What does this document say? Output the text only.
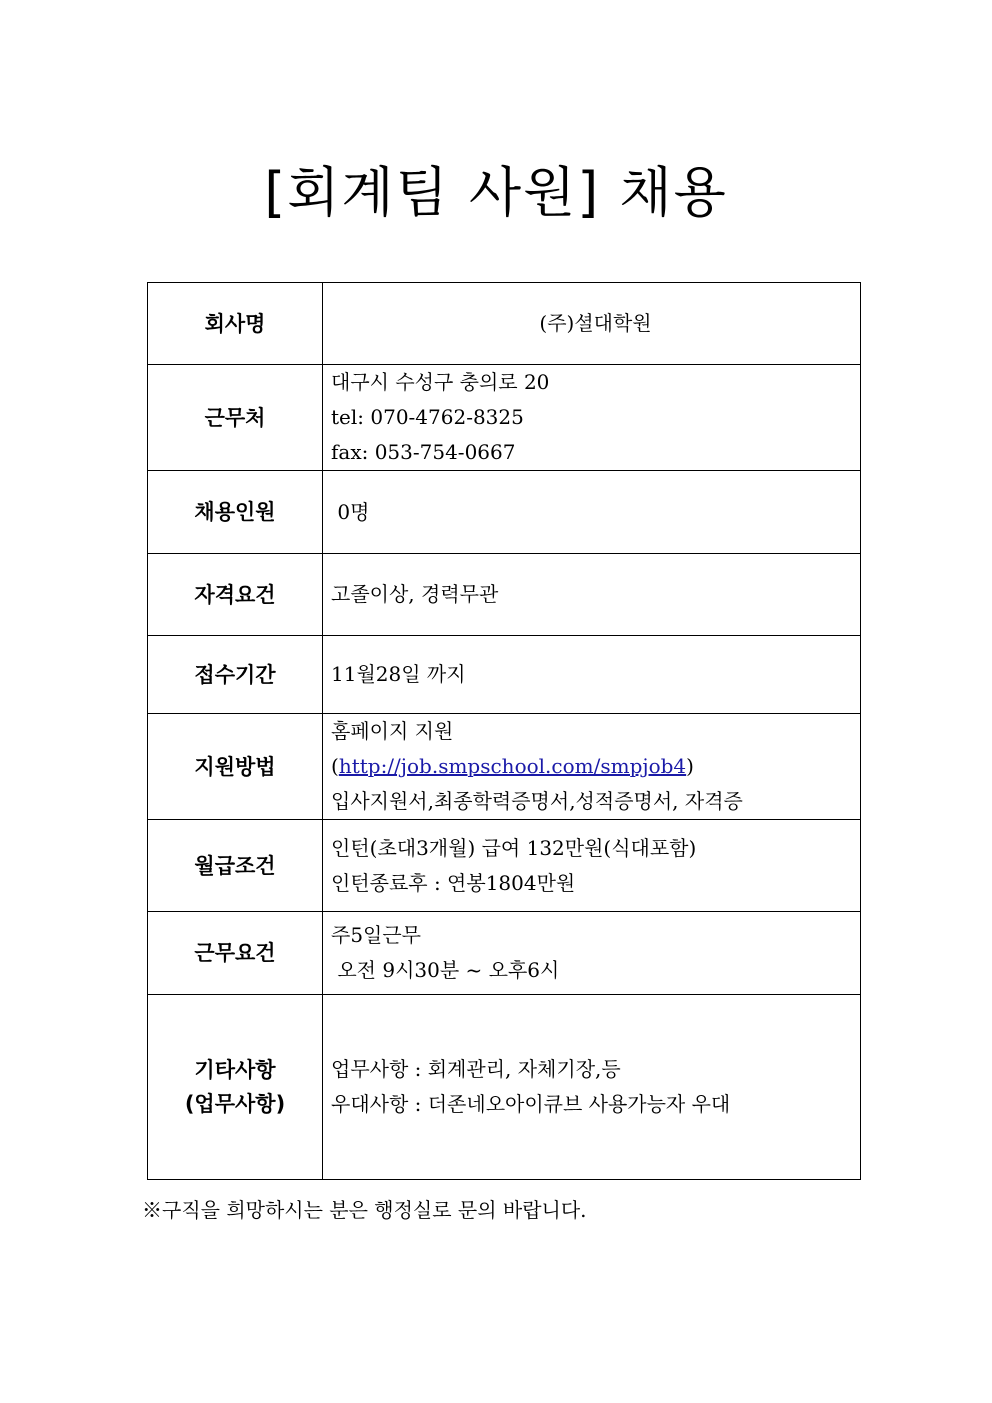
[회계팀 사원] 채용
회사명	(주)셜대학원
근무처	대구시 수성구 충의로 20
tel: 070-4762-8325
fax: 053-754-0667

채용인원	0명

자격요건	고졸이상, 경력무관
접수기간	11월28일 까지
지원방법	홈페이지 지원
(http://job.smpschool.com/smpjob4)
입사지원서,최종학력증명서,성적증명서, 자격증

월급조건	인턴(초대3개월) 급여 132만원(식대포함)
인턴종료후 : 연봉1804만원

근무요건	주5일근무
오전 9시30분 ~ 오후6시

기타사항
(업무사항)	업무사항 : 회계관리, 자체기장,등
우대사항 : 더존네오아이큐브 사용가능자 우대
※구직을 희망하시는 분은 행정실로 문의 바랍니다.
